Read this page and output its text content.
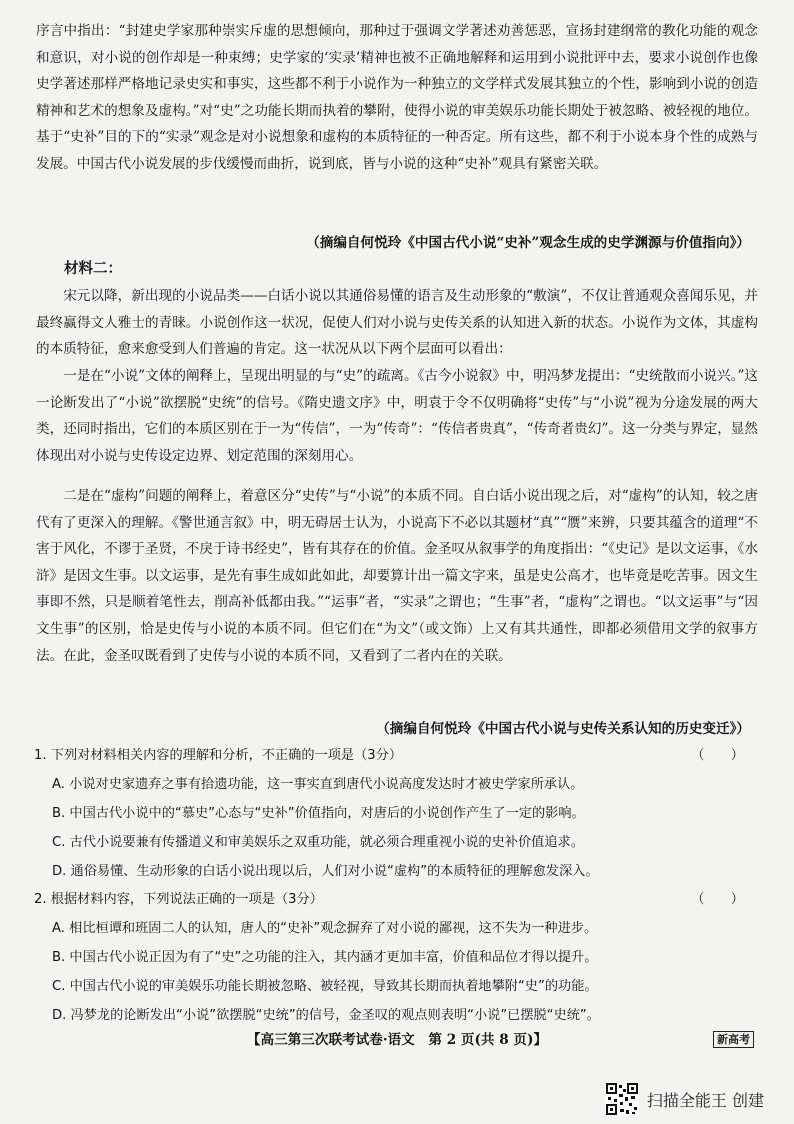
序言中指出：“封建史学家那种崇实斥虚的思想倾向，那种过于强调文学著述劝善惩恶，宣扬封建纲常的教化功能的观念和意识，对小说的创作却是一种束缚；史学家的‘实录’精神也被不正确地解释和运用到小说批评中去，要求小说创作也像史学著述那样严格地记录史实和事实，这些都不利于小说作为一种独立的文学样式发展其独立的个性，影响到小说的创造精神和艺术的想象及虚构。”对“史”之功能长期而执着的攀附，使得小说的审美娱乐功能长期处于被忽略、被轻视的地位。基于“史补”目的下的“实录”观念是对小说想象和虚构的本质特征的一种否定。所有这些，都不利于小说本身个性的成熟与发展。中国古代小说发展的步伐缓慢而曲折，说到底，皆与小说的这种“史补”观具有紧密关联。

（摘编自何悦玲《中国古代小说“史补”观念生成的史学渊源与价值指向》）

材料二：

宋元以降，新出现的小说品类——白话小说以其通俗易懂的语言及生动形象的“敷演”，不仅让普通观众喜闻乐见，并最终赢得文人雅士的青睐。小说创作这一状况，促使人们对小说与史传关系的认知进入新的状态。小说作为文体，其虚构的本质特征，愈来愈受到人们普遍的肯定。这一状况从以下两个层面可以看出：

一是在“小说”文体的阐释上，呈现出明显的与“史”的疏离。《古今小说叙》中，明冯梦龙提出：“史统散而小说兴。”这一论断发出了“小说”欲摆脱“史统”的信号。《隋史遗文序》中，明袁于令不仅明确将“史传”与“小说”视为分途发展的两大类，还同时指出，它们的本质区别在于一为“传信”，一为“传奇”：“传信者贵真”，“传奇者贵幻”。这一分类与界定，显然体现出对小说与史传设定边界、划定范围的深刻用心。

二是在“虚构”问题的阐释上，着意区分“史传”与“小说”的本质不同。自白话小说出现之后，对“虚构”的认知，较之唐代有了更深入的理解。《警世通言叙》中，明无碍居士认为，小说高下不必以其题材“真”“赝”来辨，只要其蕴含的道理“不害于风化，不谬于圣贤，不戾于诗书经史”，皆有其存在的价值。金圣叹从叙事学的角度指出：“《史记》是以文运事，《水浒》是因文生事。以文运事，是先有事生成如此如此，却要算计出一篇文字来，虽是史公高才，也毕竟是吃苦事。因文生事即不然，只是顺着笔性去，削高补低都由我。”“运事”者，“实录”之谓也；“生事”者，“虚构”之谓也。“以文运事”与“因文生事”的区别，恰是史传与小说的本质不同。但它们在“为文”（或文饰）上又有其共通性，即都必须借用文学的叙事方法。在此，金圣叹既看到了史传与小说的本质不同，又看到了二者内在的关联。

（摘编自何悦玲《中国古代小说与史传关系认知的历史变迁》）

1. 下列对材料相关内容的理解和分析，不正确的一项是（3分）	（　　）

A. 小说对史家遗弃之事有拾遗功能，这一事实直到唐代小说高度发达时才被史学家所承认。

B. 中国古代小说中的“慕史”心态与“史补”价值指向，对唐后的小说创作产生了一定的影响。

C. 古代小说要兼有传播道义和审美娱乐之双重功能，就必须合理重视小说的史补价值追求。

D. 通俗易懂、生动形象的白话小说出现以后，人们对小说“虚构”的本质特征的理解愈发深入。

2. 根据材料内容，下列说法正确的一项是（3分）	（　　）

A. 相比桓谭和班固二人的认知，唐人的“史补”观念摒弃了对小说的鄙视，这不失为一种进步。

B. 中国古代小说正因为有了“史”之功能的注入，其内涵才更加丰富，价值和品位才得以提升。

C. 中国古代小说的审美娱乐功能长期被忽略、被轻视，导致其长期而执着地攀附“史”的功能。

D. 冯梦龙的论断发出“小说”欲摆脱“史统”的信号，金圣叹的观点则表明“小说”已摆脱“史统”。

【高三第三次联考试卷·语文　第 2 页(共 8 页)】	新高考
扫描全能王 创建
